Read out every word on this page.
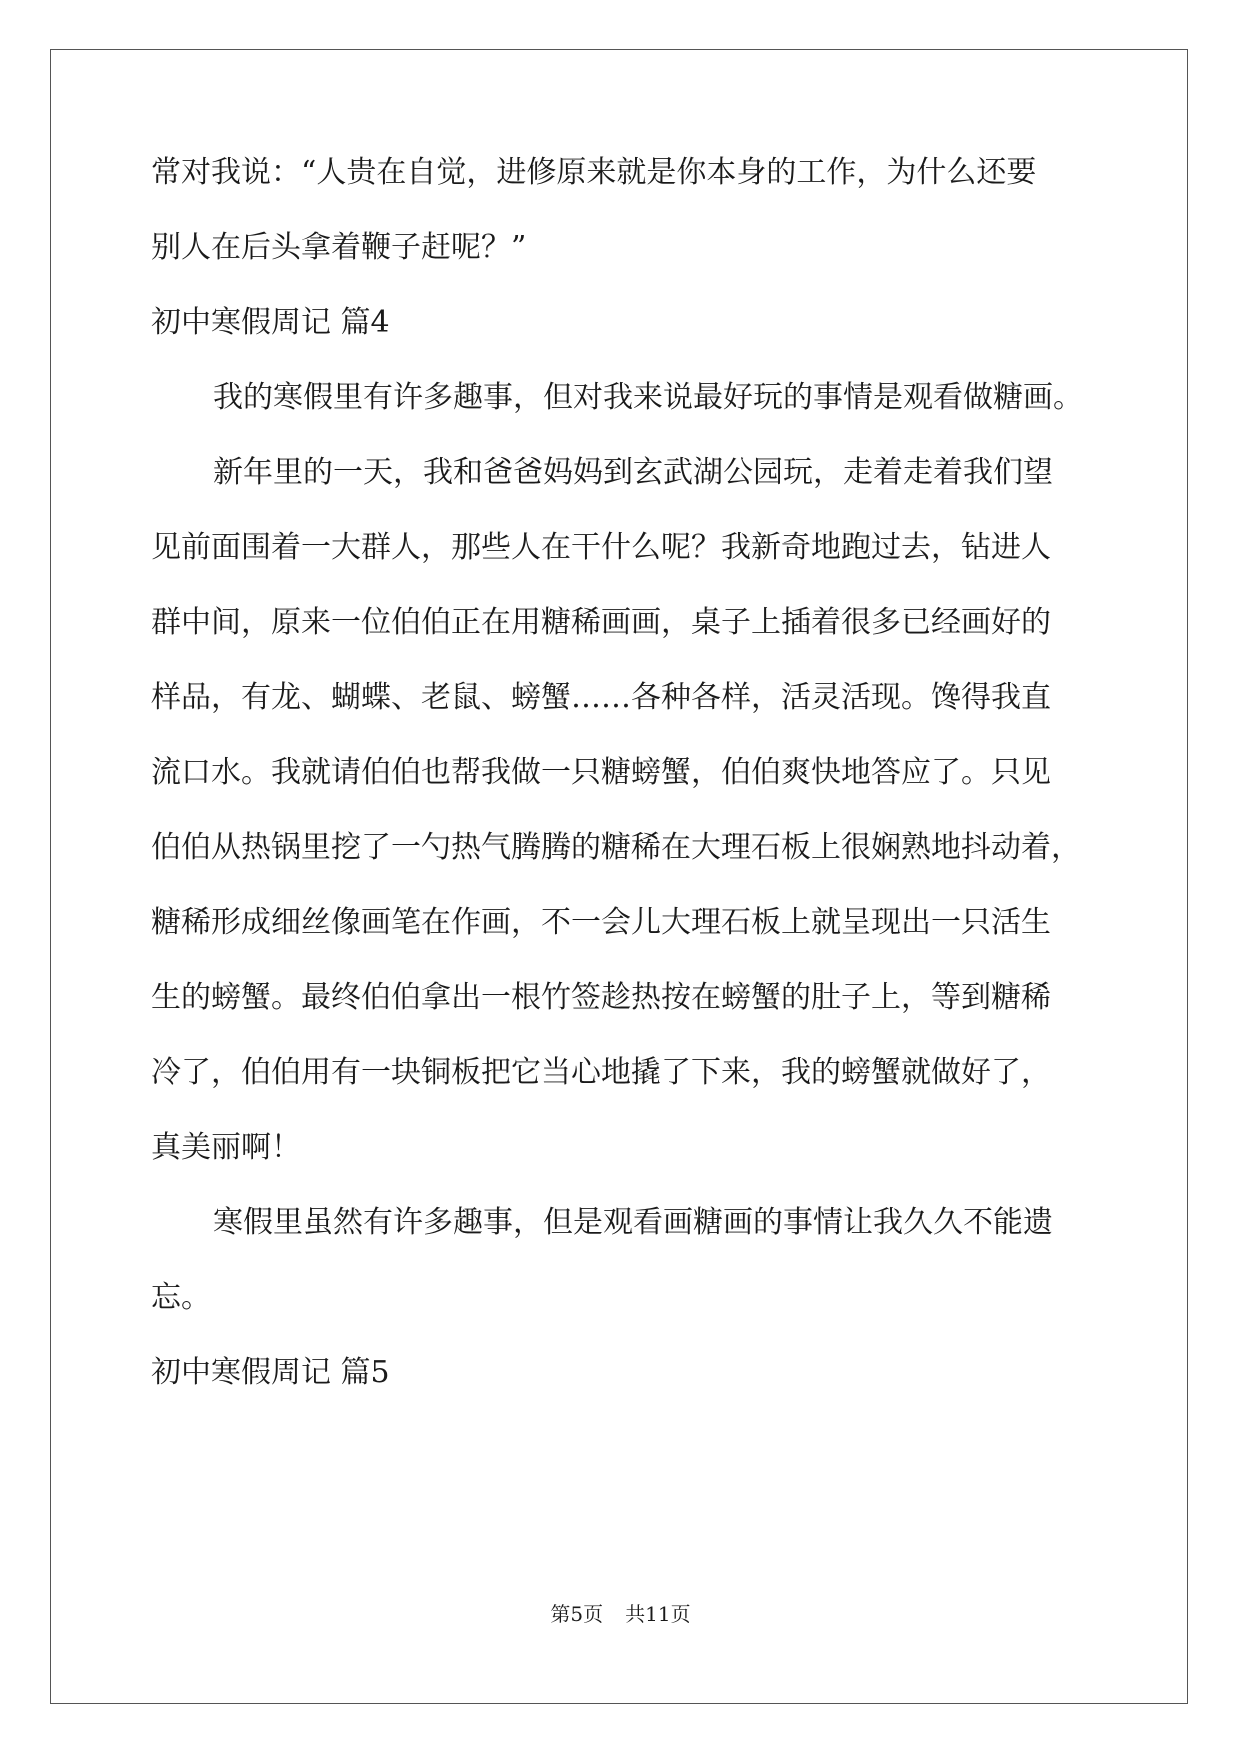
常对我说：“人贵在自觉，进修原来就是你本身的工作，为什么还要

别人在后头拿着鞭子赶呢？”

初中寒假周记 篇4

我的寒假里有许多趣事，但对我来说最好玩的事情是观看做糖画。

新年里的一天，我和爸爸妈妈到玄武湖公园玩，走着走着我们望

见前面围着一大群人，那些人在干什么呢？我新奇地跑过去，钻进人

群中间，原来一位伯伯正在用糖稀画画，桌子上插着很多已经画好的

样品，有龙、蝴蝶、老鼠、螃蟹……各种各样，活灵活现。馋得我直

流口水。我就请伯伯也帮我做一只糖螃蟹，伯伯爽快地答应了。只见

伯伯从热锅里挖了一勺热气腾腾的糖稀在大理石板上很娴熟地抖动着，

糖稀形成细丝像画笔在作画，不一会儿大理石板上就呈现出一只活生

生的螃蟹。最终伯伯拿出一根竹签趁热按在螃蟹的肚子上，等到糖稀

冷了，伯伯用有一块铜板把它当心地撬了下来，我的螃蟹就做好了，

真美丽啊！

寒假里虽然有许多趣事，但是观看画糖画的事情让我久久不能遗

忘。

初中寒假周记 篇5

第5页 共11页
